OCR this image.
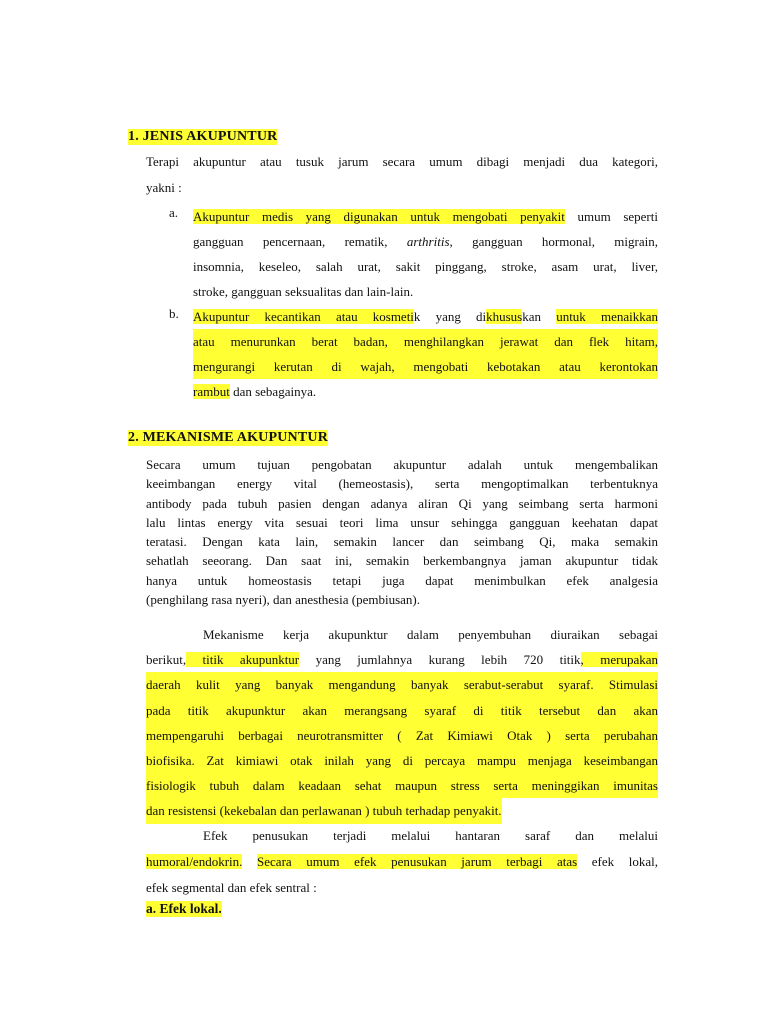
1. JENIS AKUPUNTUR
Terapi akupuntur atau tusuk jarum secara umum dibagi menjadi dua kategori,
yakni :
a. Akupuntur medis yang digunakan untuk mengobati penyakit umum seperti
gangguan pencernaan, rematik, arthritis, gangguan hormonal, migrain,
insomnia, keseleo, salah urat, sakit pinggang, stroke, asam urat, liver,
stroke, gangguan seksualitas dan lain-lain.
b. Akupuntur kecantikan atau kosmetik yang dikhususkan untuk menaikkan
atau menurunkan berat badan, menghilangkan jerawat dan flek hitam,
mengurangi kerutan di wajah, mengobati kebotakan atau kerontokan
rambut dan sebagainya.
2. MEKANISME AKUPUNTUR
Secara umum tujuan pengobatan akupuntur adalah untuk mengembalikan
keeimbangan energy vital (hemeostasis), serta mengoptimalkan terbentuknya
antibody pada tubuh pasien dengan adanya aliran Qi yang seimbang serta harmoni
lalu lintas energy vita sesuai teori lima unsur sehingga gangguan keehatan dapat
teratasi. Dengan kata lain, semakin lancer dan seimbang Qi, maka semakin
sehatlah seeorang. Dan saat ini, semakin berkembangnya jaman akupuntur tidak
hanya untuk homeostasis tetapi juga dapat menimbulkan efek analgesia
(penghilang rasa nyeri), dan anesthesia (pembiusan).
Mekanisme kerja akupunktur dalam penyembuhan diuraikan sebagai
berikut, titik akupunktur yang jumlahnya kurang lebih 720 titik, merupakan
daerah kulit yang banyak mengandung banyak serabut-serabut syaraf. Stimulasi
pada titik akupunktur akan merangsang syaraf di titik tersebut dan akan
mempengaruhi berbagai neurotransmitter ( Zat Kimiawi Otak ) serta perubahan
biofisika. Zat kimiawi otak inilah yang di percaya mampu menjaga keseimbangan
fisiologik tubuh dalam keadaan sehat maupun stress serta meninggikan imunitas
dan resistensi (kekebalan dan perlawanan ) tubuh terhadap penyakit.
Efek penusukan terjadi melalui hantaran saraf dan melalui
humoral/endokrin. Secara umum efek penusukan jarum terbagi atas efek lokal,
efek segmental dan efek sentral :
a. Efek lokal.
